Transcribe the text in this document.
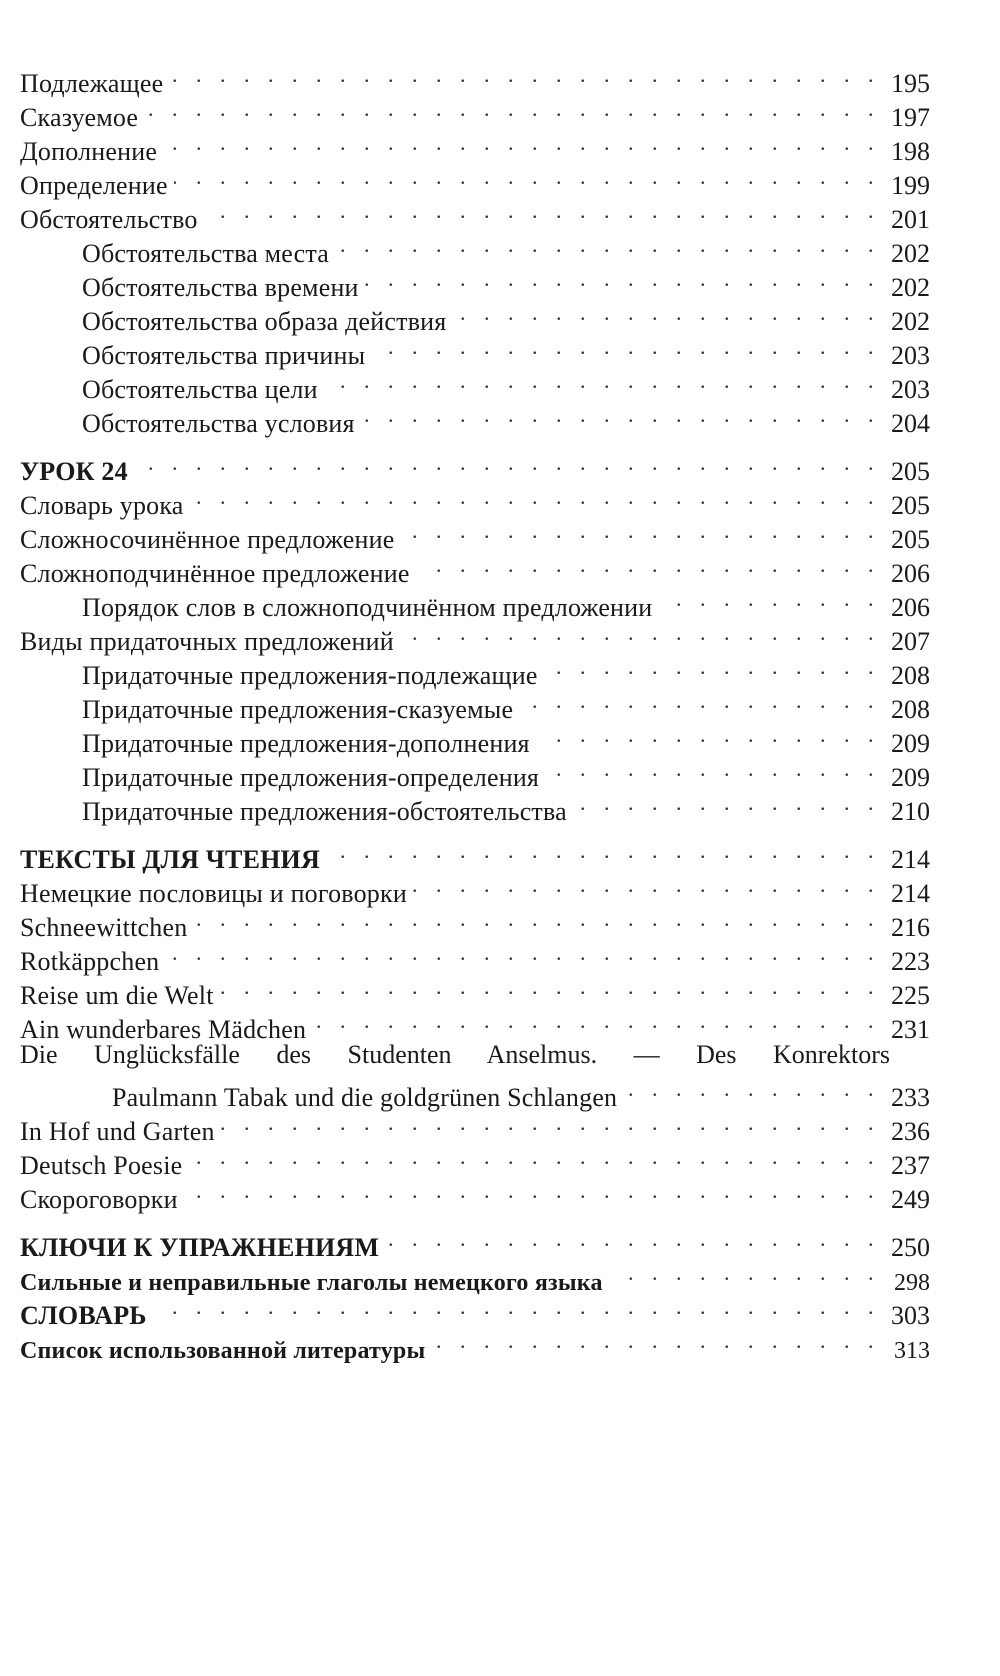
Подлежащее . . .	195
Сказуемое . . .	197
Дополнение . . .	198
Определение . . .	199
Обстоятельство . . .	201
Обстоятельства места . . .	202
Обстоятельства времени . . .	202
Обстоятельства образа действия . . .	202
Обстоятельства причины . . .	203
Обстоятельства цели . . .	203
Обстоятельства условия . . .	204
УРОК 24 . . .	205
Словарь урока . . .	205
Сложносочинённое предложение . . .	205
Сложноподчинённое предложение . . .	206
Порядок слов в сложноподчинённом предложении . . .	206
Виды придаточных предложений . . .	207
Придаточные предложения-подлежащие . . .	208
Придаточные предложения-сказуемые . . .	208
Придаточные предложения-дополнения . . .	209
Придаточные предложения-определения . . .	209
Придаточные предложения-обстоятельства . . .	210
ТЕКСТЫ ДЛЯ ЧТЕНИЯ . . .	214
Немецкие пословицы и поговорки . . .	214
Schneewittchen . . .	216
Rotkäppchen . . .	223
Reise um die Welt . . .	225
Ain wunderbares Mädchen . . .	231
Die Unglücksfälle des Studenten Anselmus. — Des Konrektors
Paulmann Tabak und die goldgrünen Schlangen . . .	233
In Hof und Garten . . .	236
Deutsch Poesie . . .	237
Скороговорки . . .	249
КЛЮЧИ К УПРАЖНЕНИЯМ . . .	250
Сильные и неправильные глаголы немецкого языка . . .	298
СЛОВАРЬ . . .	303
Список использованной литературы . . .	313
